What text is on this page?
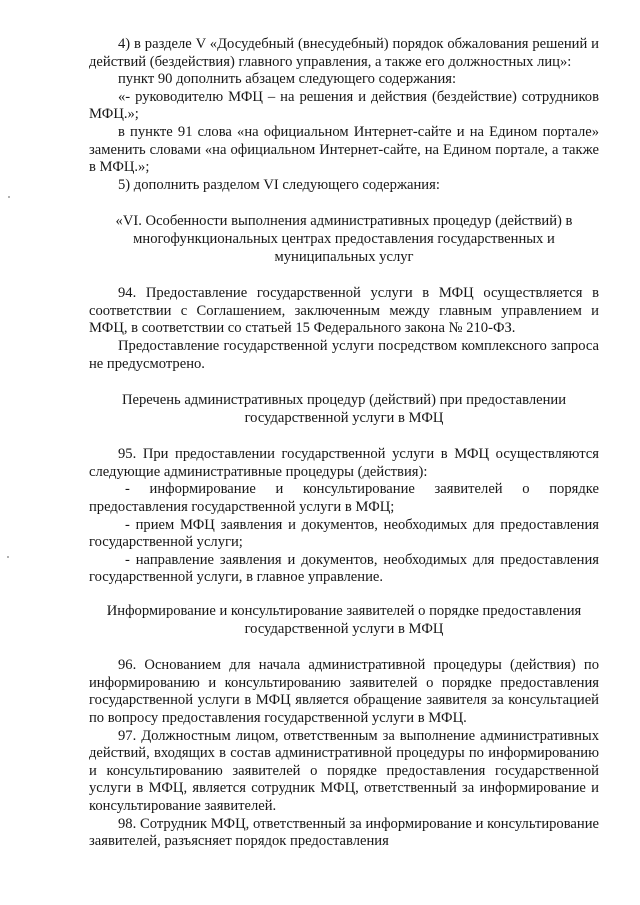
4) в разделе V «Досудебный (внесудебный) порядок обжалования решений и действий (бездействия) главного управления, а также его должностных лиц»:

пункт 90 дополнить абзацем следующего содержания:

«- руководителю МФЦ – на решения и действия (бездействие) сотрудников МФЦ.»;

в пункте 91 слова «на официальном Интернет-сайте и на Едином портале» заменить словами «на официальном Интернет-сайте, на Едином портале, а также в МФЦ.»;

5) дополнить разделом VI следующего содержания:

«VI. Особенности выполнения административных процедур (действий) в многофункциональных центрах предоставления государственных и муниципальных услуг

94. Предоставление государственной услуги в МФЦ осуществляется в соответствии с Соглашением, заключенным между главным управлением и МФЦ, в соответствии со статьей 15 Федерального закона № 210-ФЗ.

Предоставление государственной услуги посредством комплексного запроса не предусмотрено.

Перечень административных процедур (действий) при предоставлении государственной услуги в МФЦ

95. При предоставлении государственной услуги в МФЦ осуществляются следующие административные процедуры (действия):

- информирование и консультирование заявителей о порядке предоставления государственной услуги в МФЦ;

- прием МФЦ заявления и документов, необходимых для предоставления государственной услуги;

- направление заявления и документов, необходимых для предоставления государственной услуги, в главное управление.

Информирование и консультирование заявителей о порядке предоставления государственной услуги в МФЦ

96. Основанием для начала административной процедуры (действия) по информированию и консультированию заявителей о порядке предоставления государственной услуги в МФЦ является обращение заявителя за консультацией по вопросу предоставления государственной услуги в МФЦ.

97. Должностным лицом, ответственным за выполнение административных действий, входящих в состав административной процедуры по информированию и консультированию заявителей о порядке предоставления государственной услуги в МФЦ, является сотрудник МФЦ, ответственный за информирование и консультирование заявителей.

98. Сотрудник МФЦ, ответственный за информирование и консультирование заявителей, разъясняет порядок предоставления
